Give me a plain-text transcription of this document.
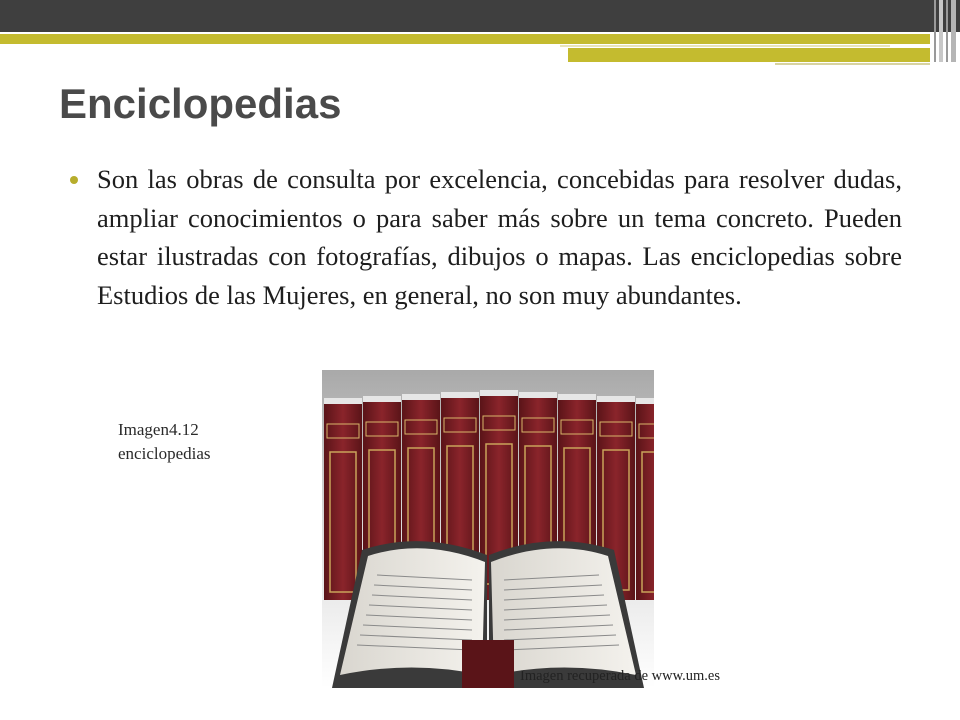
Enciclopedias

Son las obras de consulta por excelencia, concebidas para resolver dudas, ampliar conocimientos o para saber más sobre un tema concreto. Pueden estar ilustradas con fotografías, dibujos o mapas. Las enciclopedias sobre Estudios de las Mujeres, en general, no son muy abundantes.

Imagen4.12
enciclopedias
Imagen recuperada de www.um.es
